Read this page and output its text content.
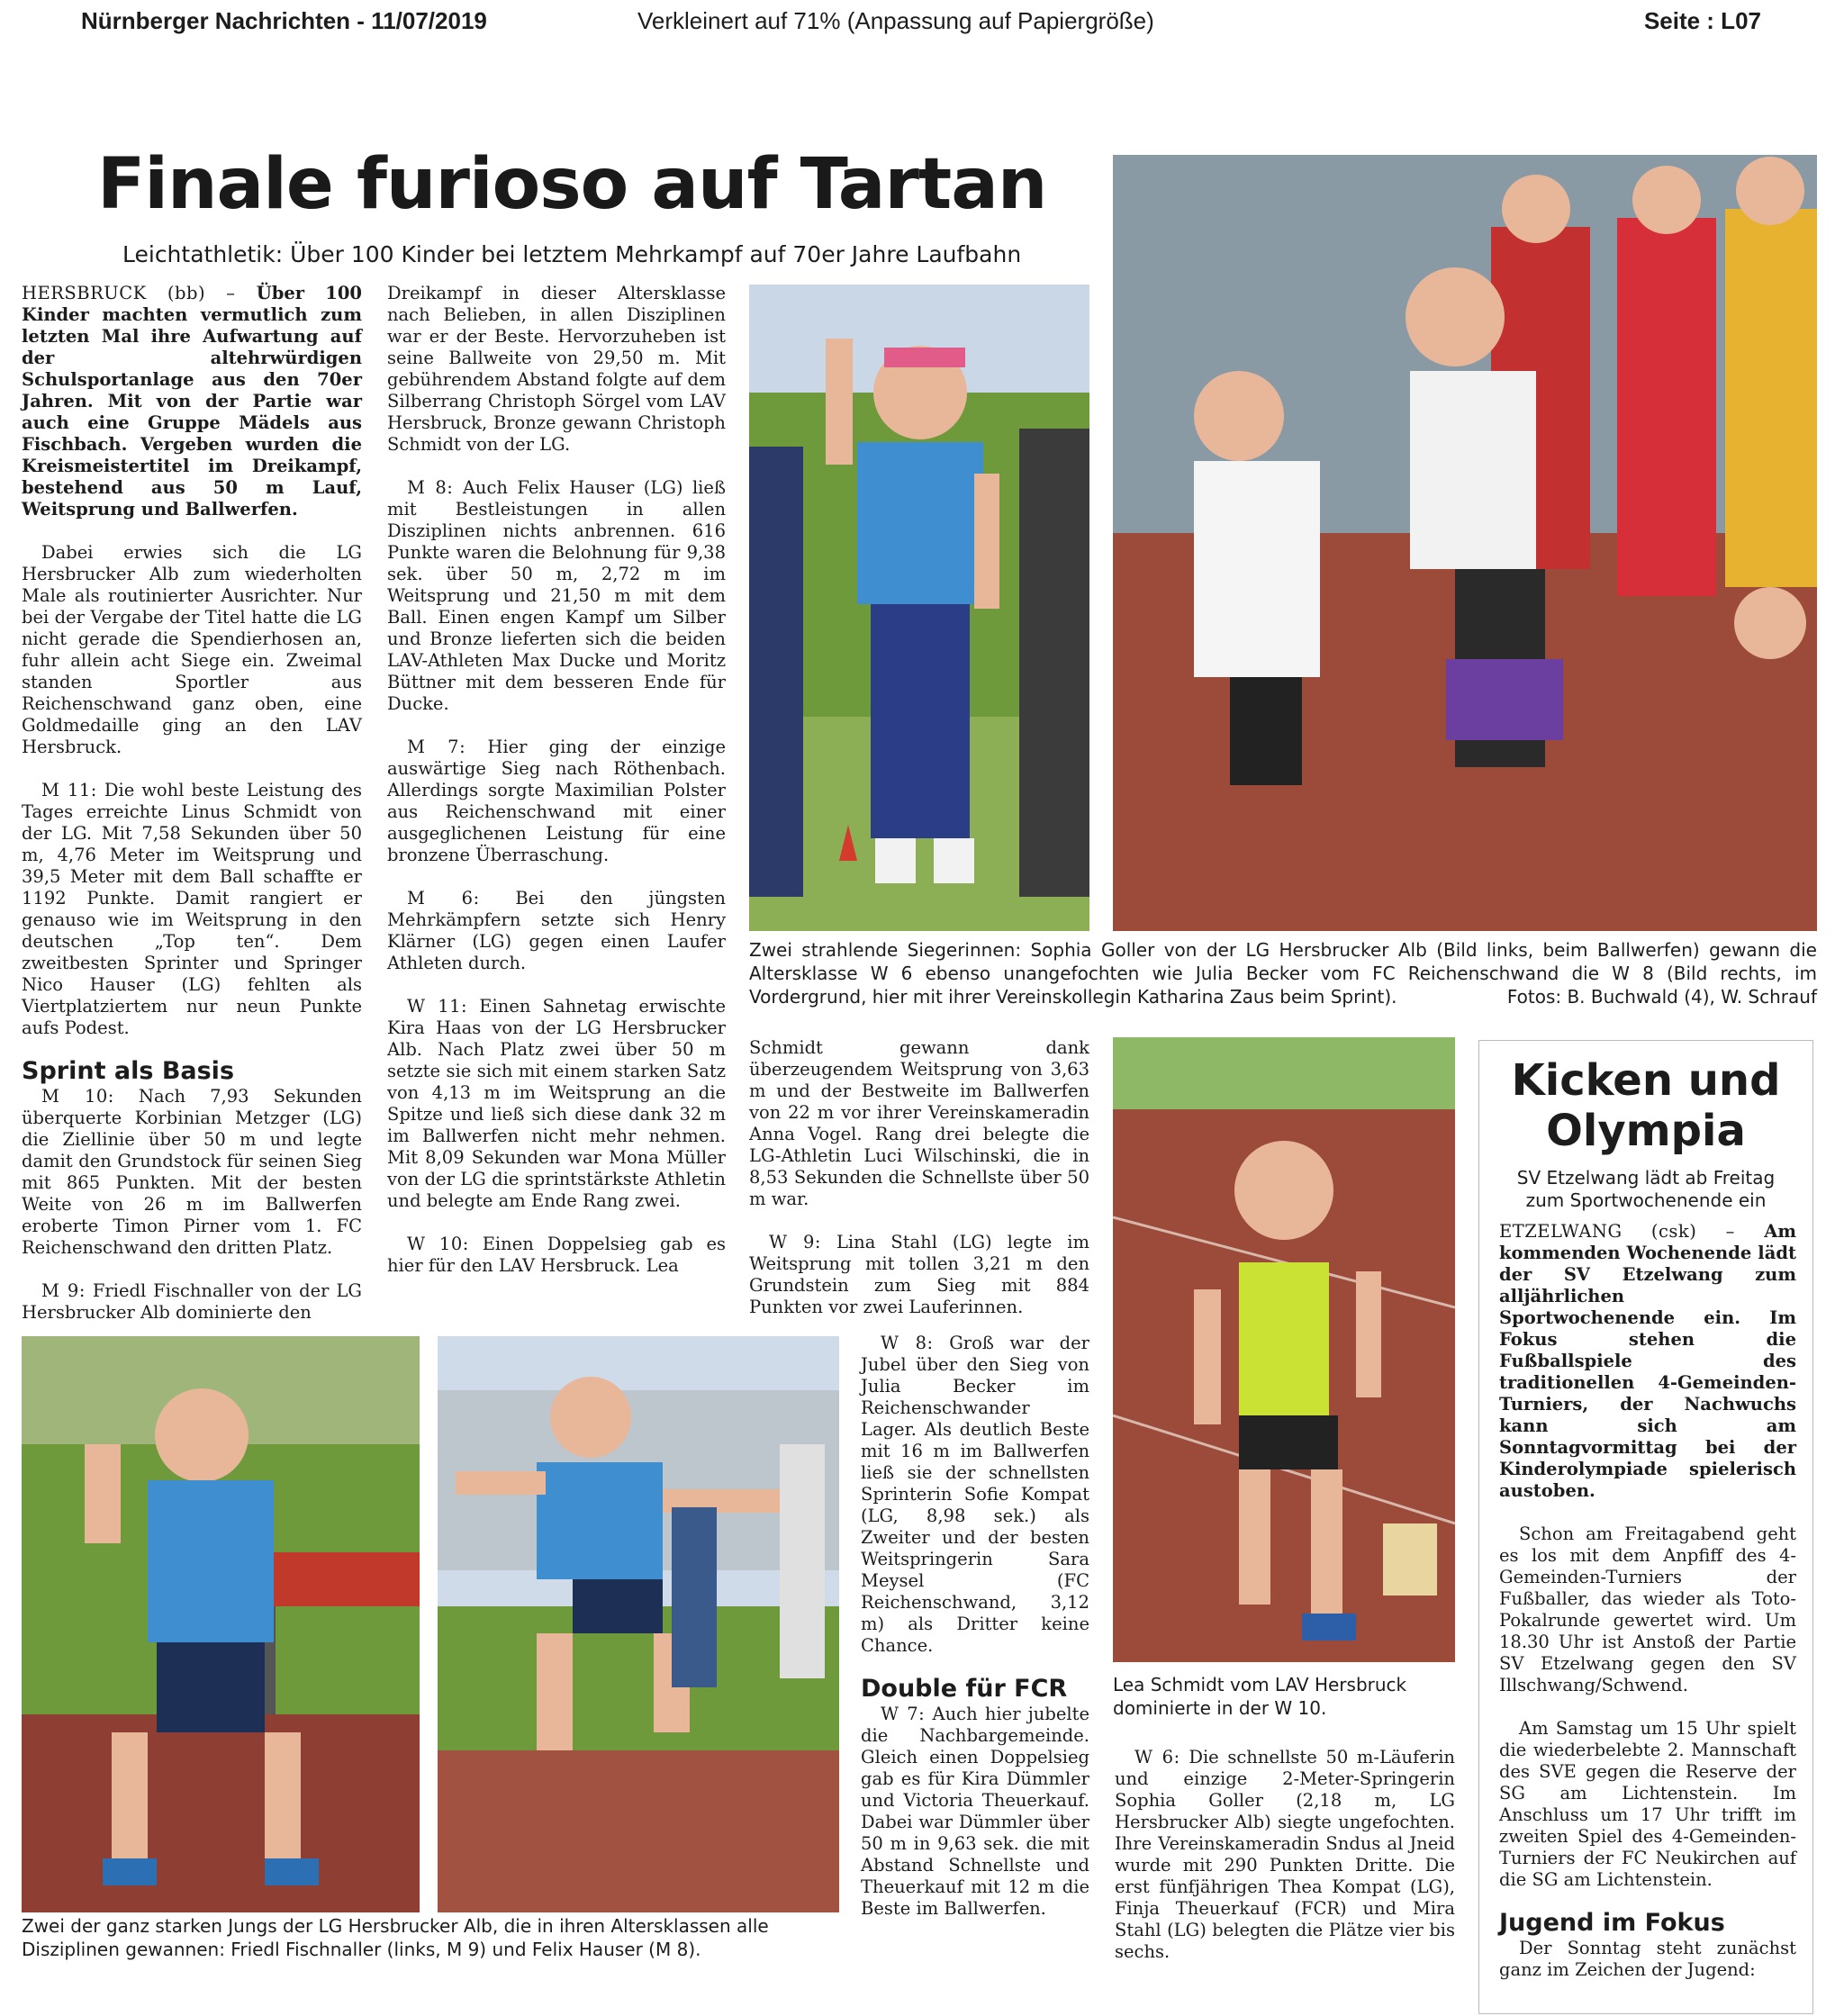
Nürnberger Nachrichten - 11/07/2019	Verkleinert auf 71% (Anpassung auf Papiergröße)	Seite : L07
Finale furioso auf Tartan
Leichtathletik: Über 100 Kinder bei letztem Mehrkampf auf 70er Jahre Laufbahn

HERSBRUCK (bb) – Über 100 Kinder machten vermutlich zum letzten Mal ihre Aufwartung auf der altehrwürdigen Schulsportanlage aus den 70er Jahren. Mit von der Partie war auch eine Gruppe Mädels aus Fischbach. Vergeben wurden die Kreismeistertitel im Dreikampf, bestehend aus 50 m Lauf, Weitsprung und Ballwerfen.

Dabei erwies sich die LG Hersbrucker Alb zum wiederholten Male als routinierter Ausrichter. Nur bei der Vergabe der Titel hatte die LG nicht gerade die Spendierhosen an, fuhr allein acht Siege ein. Zweimal standen Sportler aus Reichenschwand ganz oben, eine Goldmedaille ging an den LAV Hersbruck.

M 11: Die wohl beste Leistung des Tages erreichte Linus Schmidt von der LG. Mit 7,58 Sekunden über 50 m, 4,76 Meter im Weitsprung und 39,5 Meter mit dem Ball schaffte er 1192 Punkte. Damit rangiert er genauso wie im Weitsprung in den deutschen „Top ten“. Dem zweitbesten Sprinter und Springer Nico Hauser (LG) fehlten als Viertplatziertem nur neun Punkte aufs Podest.

Sprint als Basis

M 10: Nach 7,93 Sekunden überquerte Korbinian Metzger (LG) die Ziellinie über 50 m und legte damit den Grundstock für seinen Sieg mit 865 Punkten. Mit der besten Weite von 26 m im Ballwerfen eroberte Timon Pirner vom 1. FC Reichenschwand den dritten Platz.

M 9: Friedl Fischnaller von der LG Hersbrucker Alb dominierte den

Dreikampf in dieser Altersklasse nach Belieben, in allen Disziplinen war er der Beste. Hervorzuheben ist seine Ballweite von 29,50 m. Mit gebührendem Abstand folgte auf dem Silberrang Christoph Sörgel vom LAV Hersbruck, Bronze gewann Christoph Schmidt von der LG.

M 8: Auch Felix Hauser (LG) ließ mit Bestleistungen in allen Disziplinen nichts anbrennen. 616 Punkte waren die Belohnung für 9,38 sek. über 50 m, 2,72 m im Weitsprung und 21,50 m mit dem Ball. Einen engen Kampf um Silber und Bronze lieferten sich die beiden LAV-Athleten Max Ducke und Moritz Büttner mit dem besseren Ende für Ducke.

M 7: Hier ging der einzige auswärtige Sieg nach Röthenbach. Allerdings sorgte Maximilian Polster aus Reichenschwand mit einer ausgeglichenen Leistung für eine bronzene Überraschung.

M 6: Bei den jüngsten Mehrkämpfern setzte sich Henry Klärner (LG) gegen einen Laufer Athleten durch.

W 11: Einen Sahnetag erwischte Kira Haas von der LG Hersbrucker Alb. Nach Platz zwei über 50 m setzte sie sich mit einem starken Satz von 4,13 m im Weitsprung an die Spitze und ließ sich diese dank 32 m im Ballwerfen nicht mehr nehmen. Mit 8,09 Sekunden war Mona Müller von der LG die sprintstärkste Athletin und belegte am Ende Rang zwei.

W 10: Einen Doppelsieg gab es hier für den LAV Hersbruck. Lea

Schmidt gewann dank überzeugendem Weitsprung von 3,63 m und der Bestweite im Ballwerfen von 22 m vor ihrer Vereinskameradin Anna Vogel. Rang drei belegte die LG-Athletin Luci Wilschinski, die in 8,53 Sekunden die Schnellste über 50 m war.

W 9: Lina Stahl (LG) legte im Weitsprung mit tollen 3,21 m den Grundstein zum Sieg mit 884 Punkten vor zwei Lauferinnen.

W 8: Groß war der Jubel über den Sieg von Julia Becker im Reichenschwander Lager. Als deutlich Beste mit 16 m im Ballwerfen ließ sie der schnellsten Sprinterin Sofie Kompat (LG, 8,98 sek.) als Zweiter und der besten Weitspringerin Sara Meysel (FC Reichenschwand, 3,12 m) als Dritter keine Chance.

Double für FCR

W 7: Auch hier jubelte die Nachbargemeinde. Gleich einen Doppelsieg gab es für Kira Dümmler und Victoria Theuerkauf. Dabei war Dümmler über 50 m in 9,63 sek. die mit Abstand Schnellste und Theuerkauf mit 12 m die Beste im Ballwerfen.

W 6: Die schnellste 50 m-Läuferin und einzige 2-Meter-Springerin Sophia Goller (2,18 m, LG Hersbrucker Alb) siegte ungefochten. Ihre Vereinskameradin Sndus al Jneid wurde mit 290 Punkten Dritte. Die erst fünfjährigen Thea Kompat (LG), Finja Theuerkauf (FCR) und Mira Stahl (LG) belegten die Plätze vier bis sechs.

Zwei strahlende Siegerinnen: Sophia Goller von der LG Hersbrucker Alb (Bild links, beim Ballwerfen) gewann die Altersklasse W 6 ebenso unangefochten wie Julia Becker vom FC Reichenschwand die W 8 (Bild rechts, im Vordergrund, hier mit ihrer Vereinskollegin Katharina Zaus beim Sprint).	Fotos: B. Buchwald (4), W. Schrauf
Zwei der ganz starken Jungs der LG Hersbrucker Alb, die in ihren Altersklassen alle Disziplinen gewannen: Friedl Fischnaller (links, M 9) und Felix Hauser (M 8).
Lea Schmidt vom LAV Hersbruck dominierte in der W 10.
Kicken und
Olympia
SV Etzelwang lädt ab Freitag
zum Sportwochenende ein

ETZELWANG (csk) – Am kommenden Wochenende lädt der SV Etzelwang zum alljährlichen Sportwochenende ein. Im Fokus stehen die Fußballspiele des traditionellen 4-Gemeinden-Turniers, der Nachwuchs kann sich am Sonntagvormittag bei der Kinderolympiade spielerisch austoben.

Schon am Freitagabend geht es los mit dem Anpfiff des 4-Gemeinden-Turniers der Fußballer, das wieder als Toto-Pokalrunde gewertet wird. Um 18.30 Uhr ist Anstoß der Partie SV Etzelwang gegen den SV Illschwang/Schwend.

Am Samstag um 15 Uhr spielt die wiederbelebte 2. Mannschaft des SVE gegen die Reserve der SG am Lichtenstein. Im Anschluss um 17 Uhr trifft im zweiten Spiel des 4-Gemeinden-Turniers der FC Neukirchen auf die SG am Lichtenstein.

Jugend im Fokus

Der Sonntag steht zunächst ganz im Zeichen der Jugend:
